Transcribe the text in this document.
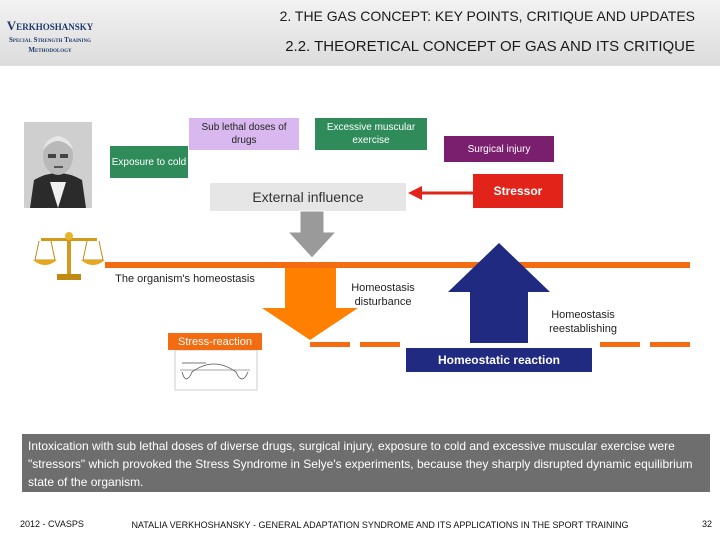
Verkhoshansky
Special Strength Training
Methodology
2. THE GAS CONCEPT: KEY POINTS, CRITIQUE AND UPDATES
2.2. THEORETICAL CONCEPT OF GAS AND ITS CRITIQUE
Sub lethal doses of drugs
Exposure to cold
Excessive muscular exercise
Surgical injury
External influence	Stressor
The organism's homeostasis
Homeostasis disturbance
Homeostasis reestablishing
Stress-reaction
Homeostatic reaction
Intoxication with sub lethal doses of diverse drugs, surgical injury, exposure to cold and excessive muscular exercise were "stressors" which provoked the Stress Syndrome in Selye's experiments, because they sharply disrupted dynamic equilibrium state of the organism.
2012 - CVASPS	NATALIA VERKHOSHANSKY - GENERAL ADAPTATION SYNDROME AND ITS APPLICATIONS IN THE SPORT TRAINING	32
